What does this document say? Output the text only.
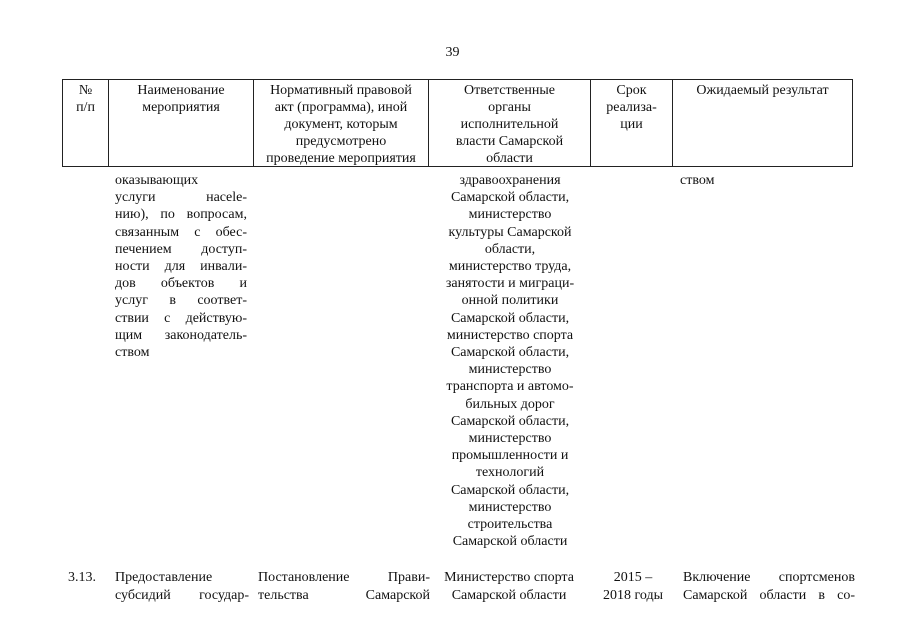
39
№
п/п
Наименование
мероприятия
Нормативный правовой
акт (программа), иной
документ, которым
предусмотрено
проведение мероприятия
Ответственные
органы
исполнительной
власти Самарской
области
Срок
реализа-
ции
Ожидаемый результат
оказывающих
услуги насele-
нию), по вопросам,
связанным с обес-
печением доступ-
ности для инвали-
дов объектов и
услуг в соответ-
ствии с действую-
щим законодатель-
ством
здравоохранения
Самарской области,
министерство
культуры Самарской
области,
министерство труда,
занятости и миграци-
онной политики
Самарской области,
министерство спорта
Самарской области,
министерство
транспорта и автомо-
бильных дорог
Самарской области,
министерство
промышленности и
технологий
Самарской области,
министерство
строительства
Самарской области
ством
3.13. Предоставление
субсидий государ-
Постановление Прави-
тельства Самарской
Министерство спорта
Самарской области
2015 –
2018 годы
Включение спортсменов
Самарской области в со-
